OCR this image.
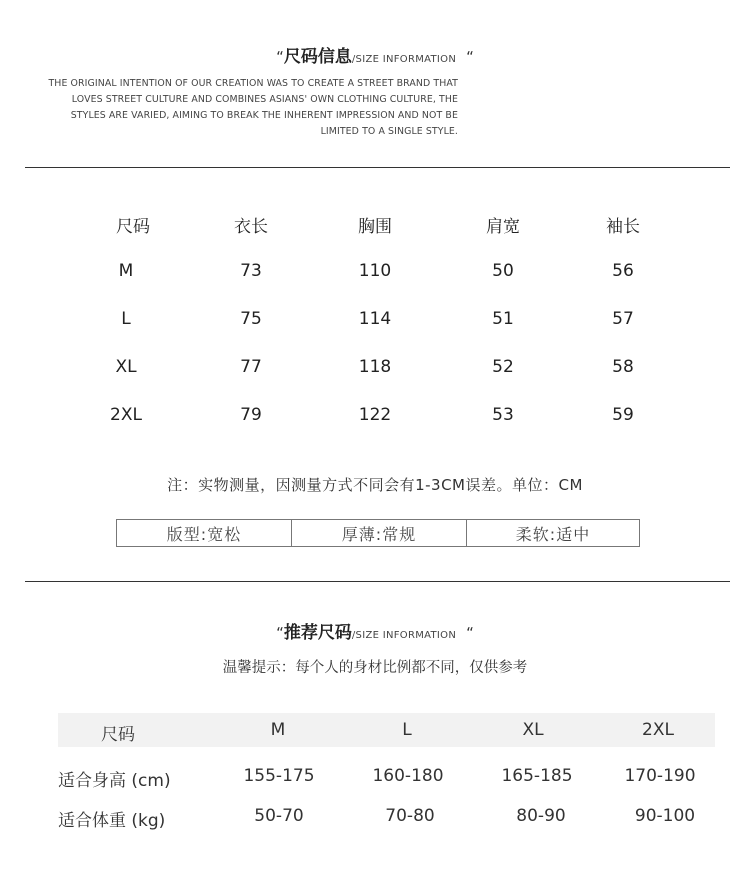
“尺码信息/SIZE INFORMATION “
THE ORIGINAL INTENTION OF OUR CREATION WAS TO CREATE A STREET BRAND THAT
LOVES STREET CULTURE AND COMBINES ASIANS' OWN CLOTHING CULTURE, THE
STYLES ARE VARIED, AIMING TO BREAK THE INHERENT IMPRESSION AND NOT BE
LIMITED TO A SINGLE STYLE.
尺码	衣长	胸围	肩宽	袖长
M	73	110	50	56
L	75	114	51	57
XL	77	118	52	58
2XL	79	122	53	59
注：实物测量，因测量方式不同会有1-3CM误差。单位：CM
版型:宽松	厚薄:常规	柔软:适中
“推荐尺码/SIZE INFORMATION “
温馨提示：每个人的身材比例都不同，仅供参考
尺码	M	L	XL	2XL
适合身高 (cm)	155-175	160-180	165-185	170-190
适合体重 (kg)	50-70	70-80	80-90	90-100
